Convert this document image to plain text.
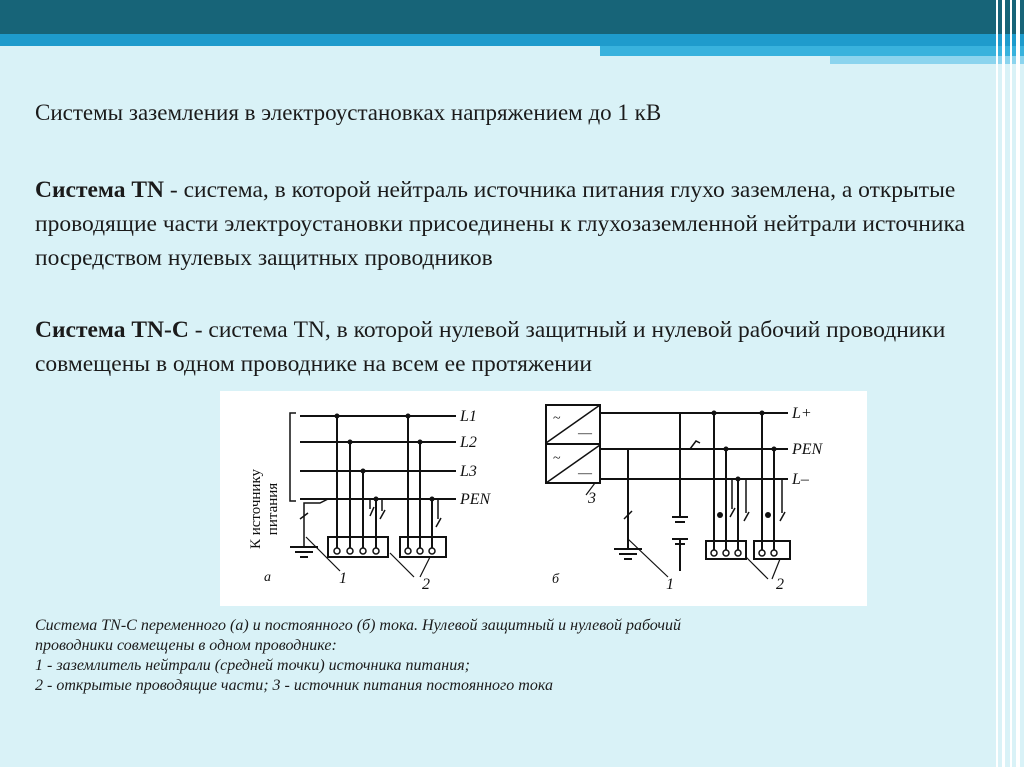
Системы заземления в электроустановках напряжением до 1 кВ

Система TN - система, в которой нейтраль источника питания глухо заземлена, а открытые проводящие части электроустановки присоединены к глухозаземленной нейтрали источника посредством нулевых защитных проводников

Система TN-C - система TN, в которой нулевой защитный и нулевой рабочий проводники совмещены в одном проводнике на всем ее протяжении

К источнику питания
L1
L2
L3
PEN
а	1	2
~
—
~
—
L+
PEN
L–
б
3
1	2

Система TN-C переменного (а) и постоянного (б) тока. Нулевой защитный и нулевой рабочий
проводники совмещены в одном проводнике:
1 - заземлитель нейтрали (средней точки) источника питания;
2 - открытые проводящие части; 3 - источник питания постоянного тока
